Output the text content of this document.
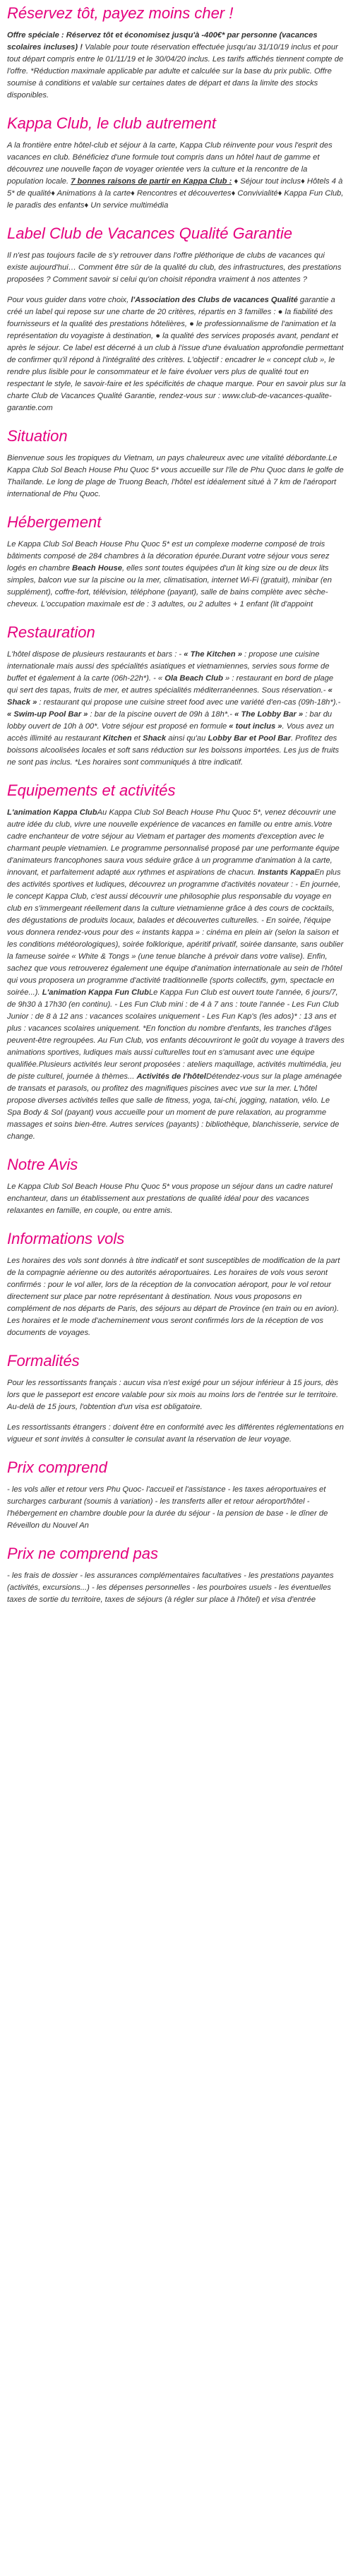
Réservez tôt, payez moins cher !

Offre spéciale : Réservez tôt et économisez jusqu'à -400€* par personne (vacances scolaires incluses) ! Valable pour toute réservation effectuée jusqu'au 31/10/19 inclus et pour tout départ compris entre le 01/11/19 et le 30/04/20 inclus. Les tarifs affichés tiennent compte de l'offre. *Réduction maximale applicable par adulte et calculée sur la base du prix public. Offre soumise à conditions et valable sur certaines dates de départ et dans la limite des stocks disponibles.

Kappa Club, le club autrement

A la frontière entre hôtel-club et séjour à la carte, Kappa Club réinvente pour vous l'esprit des vacances en club. Bénéficiez d'une formule tout compris dans un hôtel haut de gamme et découvrez une nouvelle façon de voyager orientée vers la culture et la rencontre de la population locale. 7 bonnes raisons de partir en Kappa Club : ♦ Séjour tout inclus♦ Hôtels 4 à 5* de qualité♦ Animations à la carte♦ Rencontres et découvertes♦ Convivialité♦ Kappa Fun Club, le paradis des enfants♦ Un service multimédia

Label Club de Vacances Qualité Garantie

Il n'est pas toujours facile de s'y retrouver dans l'offre pléthorique de clubs de vacances qui existe aujourd'hui… Comment être sûr de la qualité du club, des infrastructures, des prestations proposées ? Comment savoir si celui qu'on choisit répondra vraiment à nos attentes ?

Pour vous guider dans votre choix, l'Association des Clubs de vacances Qualité garantie a créé un label qui repose sur une charte de 20 critères, répartis en 3 familles : ● la fiabilité des fournisseurs et la qualité des prestations hôtelières, ● le professionnalisme de l'animation et la représentation du voyagiste à destination, ● la qualité des services proposés avant, pendant et après le séjour. Ce label est décerné à un club à l'issue d'une évaluation approfondie permettant de confirmer qu'il répond à l'intégralité des critères. L'objectif : encadrer le « concept club », le rendre plus lisible pour le consommateur et le faire évoluer vers plus de qualité tout en respectant le style, le savoir-faire et les spécificités de chaque marque. Pour en savoir plus sur la charte Club de Vacances Qualité Garantie, rendez-vous sur : www.club-de-vacances-qualite-garantie.com

Situation

Bienvenue sous les tropiques du Vietnam, un pays chaleureux avec une vitalité débordante.Le Kappa Club Sol Beach House Phu Quoc 5* vous accueille sur l'île de Phu Quoc dans le golfe de Thaïlande. Le long de plage de Truong Beach, l'hôtel est idéalement situé à 7 km de l'aéroport international de Phu Quoc.

Hébergement

Le Kappa Club Sol Beach House Phu Quoc 5* est un complexe moderne composé de trois bâtiments composé de 284 chambres à la décoration épurée.Durant votre séjour vous serez logés en chambre Beach House, elles sont toutes équipées d'un lit king size ou de deux lits simples, balcon vue sur la piscine ou la mer, climatisation, internet Wi-Fi (gratuit), minibar (en supplément), coffre-fort, télévision, téléphone (payant), salle de bains complète avec sèche-cheveux. L'occupation maximale est de : 3 adultes, ou 2 adultes + 1 enfant (lit d'appoint

Restauration

L'hôtel dispose de plusieurs restaurants et bars : - « The Kitchen » : propose une cuisine internationale mais aussi des spécialités asiatiques et vietnamiennes, servies sous forme de buffet et également à la carte (06h-22h*). - « Ola Beach Club » : restaurant en bord de plage qui sert des tapas, fruits de mer, et autres spécialités méditerranéennes. Sous réservation.- « Shack » : restaurant qui propose une cuisine street food avec une variété d'en-cas (09h-18h*).- « Swim-up Pool Bar » : bar de la piscine ouvert de 09h à 18h*.- « The Lobby Bar » : bar du lobby ouvert de 10h à 00*. Votre séjour est proposé en formule « tout inclus ». Vous avez un accès illimité au restaurant Kitchen et Shack ainsi qu'au Lobby Bar et Pool Bar. Profitez des boissons alcoolisées locales et soft sans réduction sur les boissons importées. Les jus de fruits ne sont pas inclus. *Les horaires sont communiqués à titre indicatif.

Equipements et activités

L'animation Kappa ClubAu Kappa Club Sol Beach House Phu Quoc 5*, venez découvrir une autre idée du club, vivre une nouvelle expérience de vacances en famille ou entre amis.Votre cadre enchanteur de votre séjour au Vietnam et partager des moments d'exception avec le charmant peuple vietnamien. Le programme personnalisé proposé par une performante équipe d'animateurs francophones saura vous séduire grâce à un programme d'animation à la carte, innovant, et parfaitement adapté aux rythmes et aspirations de chacun. Instants KappaEn plus des activités sportives et ludiques, découvrez un programme d'activités novateur : - En journée, le concept Kappa Club, c'est aussi découvrir une philosophie plus responsable du voyage en club en s'immergeant réellement dans la culture vietnamienne grâce à des cours de cocktails, des dégustations de produits locaux, balades et découvertes culturelles. - En soirée, l'équipe vous donnera rendez-vous pour des « instants kappa » : cinéma en plein air (selon la saison et les conditions météorologiques), soirée folklorique, apéritif privatif, soirée dansante, sans oublier la fameuse soirée « White & Tongs » (une tenue blanche à prévoir dans votre valise). Enfin, sachez que vous retrouverez également une équipe d'animation internationale au sein de l'hôtel qui vous proposera un programme d'activité traditionnelle (sports collectifs, gym, spectacle en soirée...). L'animation Kappa Fun ClubLe Kappa Fun Club est ouvert toute l'année, 6 jours/7, de 9h30 à 17h30 (en continu). - Les Fun Club mini : de 4 à 7 ans : toute l'année - Les Fun Club Junior : de 8 à 12 ans : vacances scolaires uniquement - Les Fun Kap's (les ados)* : 13 ans et plus : vacances scolaires uniquement. *En fonction du nombre d'enfants, les tranches d'âges peuvent-être regroupées. Au Fun Club, vos enfants découvriront le goût du voyage à travers des animations sportives, ludiques mais aussi culturelles tout en s'amusant avec une équipe qualifiée.Plusieurs activités leur seront proposées : ateliers maquillage, activités multimédia, jeu de piste culturel, journée à thèmes... Activités de l'hôtelDétendez-vous sur la plage aménagée de transats et parasols, ou profitez des magnifiques piscines avec vue sur la mer. L'hôtel propose diverses activités telles que salle de fitness, yoga, tai-chi, jogging, natation, vélo. Le Spa Body & Sol (payant) vous accueille pour un moment de pure relaxation, au programme massages et soins bien-être. Autres services (payants) : bibliothèque, blanchisserie, service de change.

Notre Avis

Le Kappa Club Sol Beach House Phu Quoc 5* vous propose un séjour dans un cadre naturel enchanteur, dans un établissement aux prestations de qualité idéal pour des vacances relaxantes en famille, en couple, ou entre amis.

Informations vols

Les horaires des vols sont donnés à titre indicatif et sont susceptibles de modification de la part de la compagnie aérienne ou des autorités aéroportuaires. Les horaires de vols vous seront confirmés : pour le vol aller, lors de la réception de la convocation aéroport, pour le vol retour directement sur place par notre représentant à destination. Nous vous proposons en complément de nos départs de Paris, des séjours au départ de Province (en train ou en avion). Les horaires et le mode d'acheminement vous seront confirmés lors de la réception de vos documents de voyages.

Formalités

Pour les ressortissants français : aucun visa n'est exigé pour un séjour inférieur à 15 jours, dès lors que le passeport est encore valable pour six mois au moins lors de l'entrée sur le territoire. Au-delà de 15 jours, l'obtention d'un visa est obligatoire.

Les ressortissants étrangers : doivent être en conformité avec les différentes réglementations en vigueur et sont invités à consulter le consulat avant la réservation de leur voyage.

Prix comprend

- les vols aller et retour vers Phu Quoc- l'accueil et l'assistance - les taxes aéroportuaires et surcharges carburant (soumis à variation) - les transferts aller et retour aéroport/hôtel - l'hébergement en chambre double pour la durée du séjour - la pension de base - le dîner de Réveillon du Nouvel An

Prix ne comprend pas

- les frais de dossier - les assurances complémentaires facultatives - les prestations payantes (activités, excursions...) - les dépenses personnelles - les pourboires usuels - les éventuelles taxes de sortie du territoire, taxes de séjours (à régler sur place à l'hôtel) et visa d'entrée
